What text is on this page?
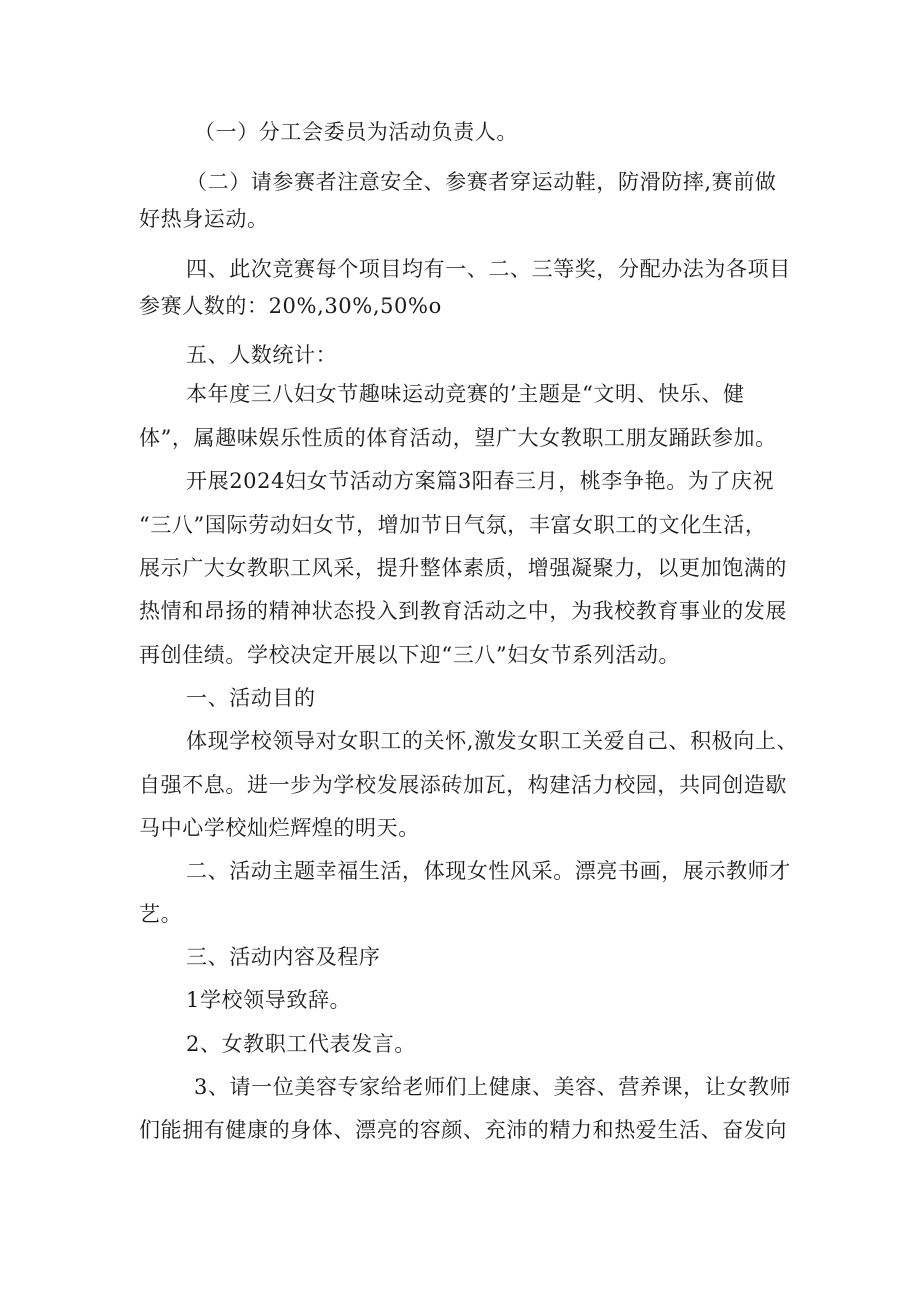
（一）分工会委员为活动负责人。
（二）请参赛者注意安全、参赛者穿运动鞋，防滑防摔,赛前做
好热身运动。
四、此次竞赛每个项目均有一、二、三等奖，分配办法为各项目
参赛人数的：20%,30%,50%o
五、人数统计：
本年度三八妇女节趣味运动竞赛的’主题是“文明、快乐、健
体”，属趣味娱乐性质的体育活动，望广大女教职工朋友踊跃参加。
开展2024妇女节活动方案篇3阳春三月，桃李争艳。为了庆祝
“三八”国际劳动妇女节，增加节日气氛，丰富女职工的文化生活，
展示广大女教职工风采，提升整体素质，增强凝聚力，以更加饱满的
热情和昂扬的精神状态投入到教育活动之中，为我校教育事业的发展
再创佳绩。学校决定开展以下迎“三八”妇女节系列活动。
一、活动目的
体现学校领导对女职工的关怀,激发女职工关爱自己、积极向上、
自强不息。进一步为学校发展添砖加瓦，构建活力校园，共同创造歇
马中心学校灿烂辉煌的明天。
二、活动主题幸福生活，体现女性风采。漂亮书画，展示教师才
艺。
三、活动内容及程序
1学校领导致辞。
2、女教职工代表发言。
3、请一位美容专家给老师们上健康、美容、营养课，让女教师
们能拥有健康的身体、漂亮的容颜、充沛的精力和热爱生活、奋发向
